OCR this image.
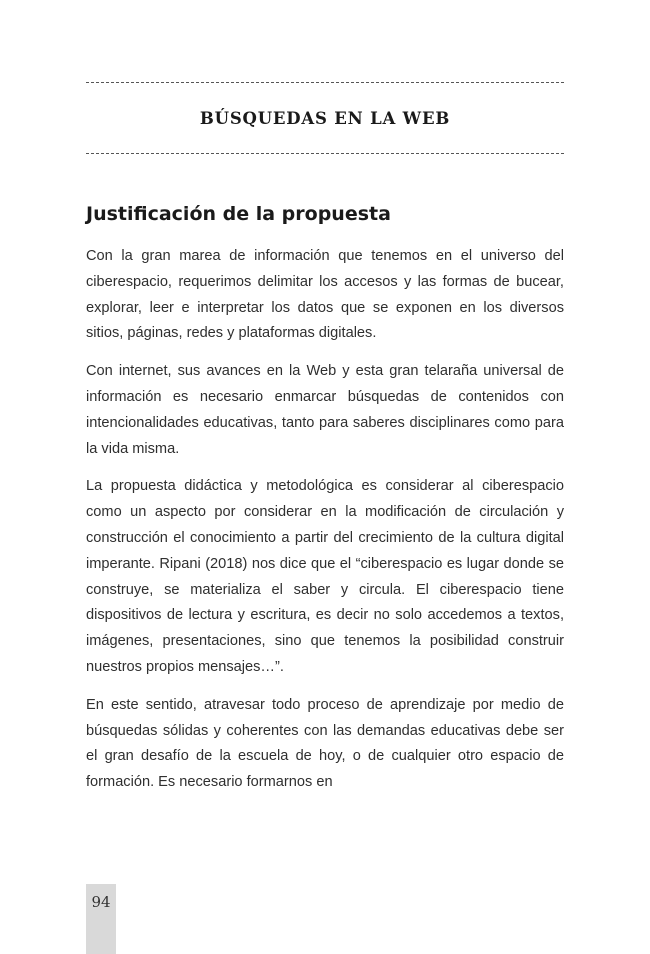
BÚSQUEDAS EN LA WEB
Justificación de la propuesta

Con la gran marea de información que tenemos en el universo del ciberespacio, requerimos delimitar los accesos y las formas de bucear, explorar, leer e interpretar los datos que se exponen en los diversos sitios, páginas, redes y plataformas digitales.

Con internet, sus avances en la Web y esta gran telaraña universal de información es necesario enmarcar búsquedas de contenidos con intencionalidades educativas, tanto para saberes disciplinares como para la vida misma.

La propuesta didáctica y metodológica es considerar al ciberespacio como un aspecto por considerar en la modificación de circulación y construcción el conocimiento a partir del crecimiento de la cultura digital imperante. Ripani (2018) nos dice que el “ciberespacio es lugar donde se construye, se materializa el saber y circula. El ciberespacio tiene dispositivos de lectura y escritura, es decir no solo accedemos a textos, imágenes, presentaciones, sino que tenemos la posibilidad construir nuestros propios mensajes…”.

En este sentido, atravesar todo proceso de aprendizaje por medio de búsquedas sólidas y coherentes con las demandas educativas debe ser el gran desafío de la escuela de hoy, o de cualquier otro espacio de formación. Es necesario formarnos en

94
